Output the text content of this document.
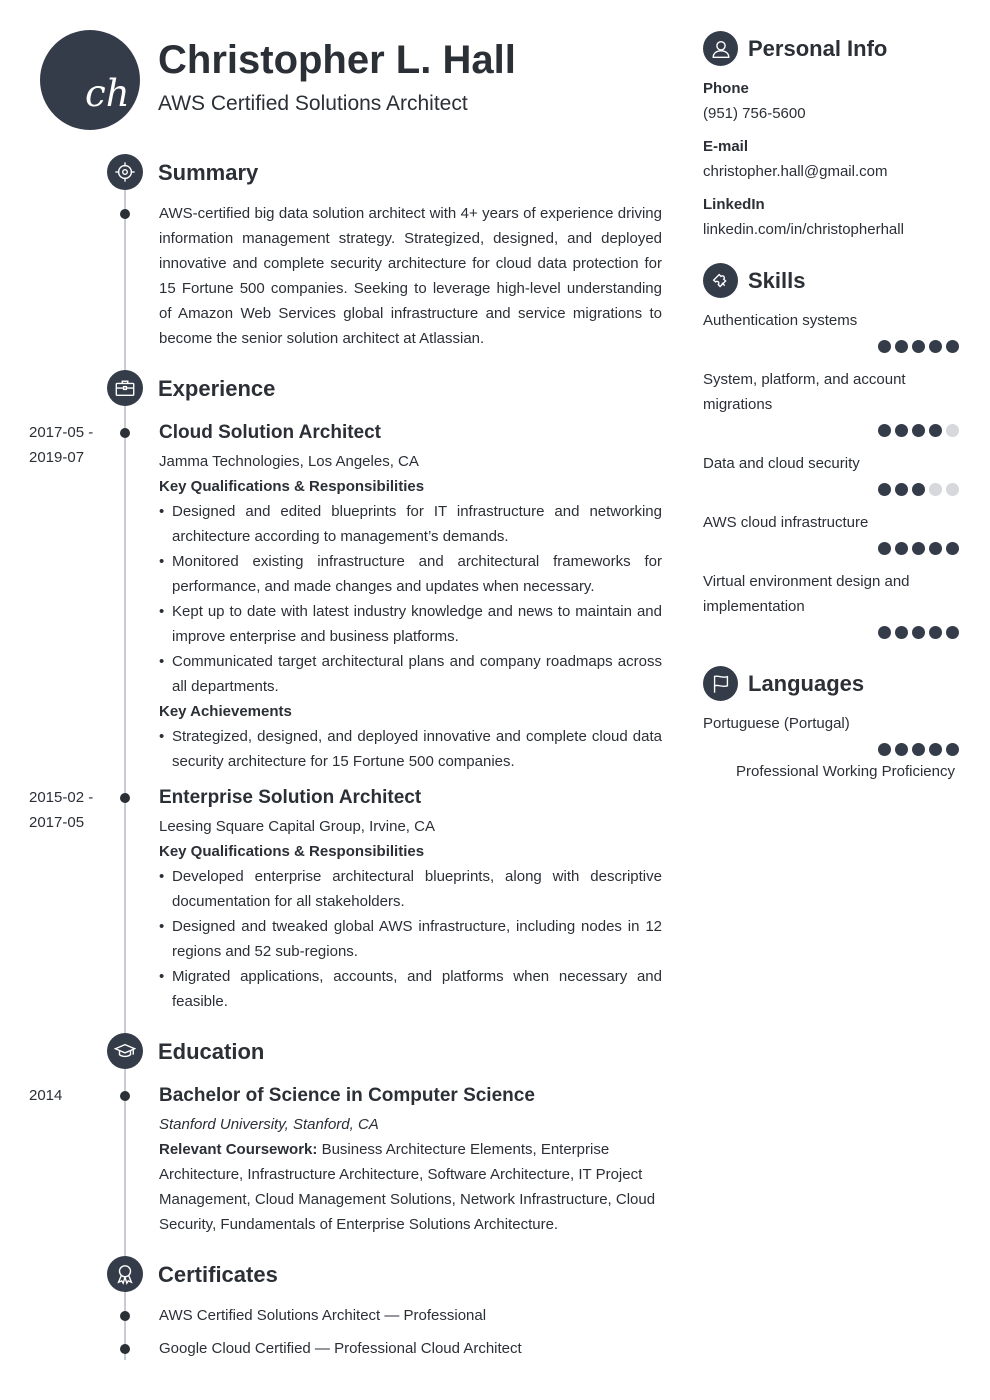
ch
Christopher L. Hall
AWS Certified Solutions Architect
Summary
AWS-certified big data solution architect with 4+ years of experience driving information management strategy. Strategized, designed, and deployed innovative and complete security architecture for cloud data protection for 15 Fortune 500 companies. Seeking to leverage high-level understanding of Amazon Web Services global infrastructure and service migrations to become the senior solution architect at Atlassian.
Experience
2017-05 - 2019-07
Cloud Solution Architect
Jamma Technologies, Los Angeles, CA
Key Qualifications & Responsibilities
• Designed and edited blueprints for IT infrastructure and networking architecture according to management’s demands.
• Monitored existing infrastructure and architectural frameworks for performance, and made changes and updates when necessary.
• Kept up to date with latest industry knowledge and news to maintain and improve enterprise and business platforms.
• Communicated target architectural plans and company roadmaps across all departments.
Key Achievements
• Strategized, designed, and deployed innovative and complete cloud data security architecture for 15 Fortune 500 companies.
2015-02 - 2017-05
Enterprise Solution Architect
Leesing Square Capital Group, Irvine, CA
Key Qualifications & Responsibilities
• Developed enterprise architectural blueprints, along with descriptive documentation for all stakeholders.
• Designed and tweaked global AWS infrastructure, including nodes in 12 regions and 52 sub-regions.
• Migrated applications, accounts, and platforms when necessary and feasible.
Education
2014	Bachelor of Science in Computer Science
Stanford University, Stanford, CA
Relevant Coursework: Business Architecture Elements, Enterprise Architecture, Infrastructure Architecture, Software Architecture, IT Project Management, Cloud Management Solutions, Network Infrastructure, Cloud Security, Fundamentals of Enterprise Solutions Architecture.
Certificates
AWS Certified Solutions Architect — Professional
Google Cloud Certified — Professional Cloud Architect
Personal Info
Phone
(951) 756-5600
E-mail
christopher.hall@gmail.com
LinkedIn
linkedin.com/in/christopherhall
Skills
Authentication systems
System, platform, and account migrations
Data and cloud security
AWS cloud infrastructure
Virtual environment design and implementation
Languages
Portuguese (Portugal)
Professional Working Proficiency
